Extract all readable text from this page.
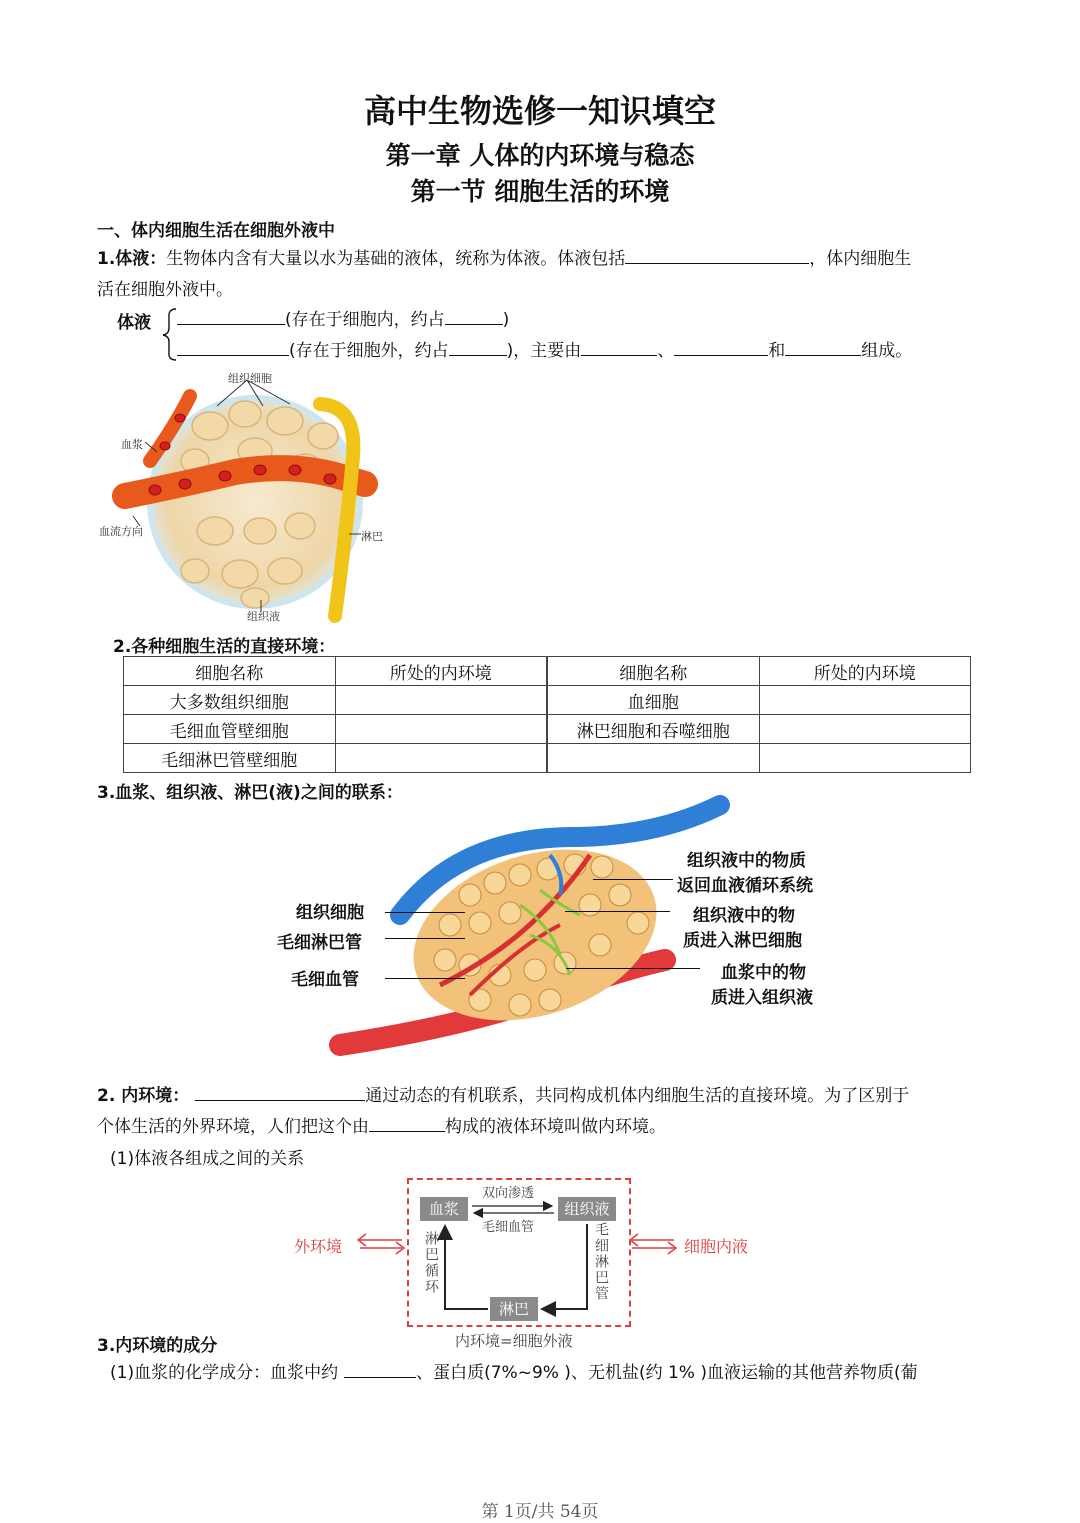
高中生物选修一知识填空
第一章 人体的内环境与稳态
第一节 细胞生活的环境
一、体内细胞生活在细胞外液中
1.体液：生物体内含有大量以水为基础的液体，统称为体液。体液包括	，体内细胞生
活在细胞外液中。
体液	(存在于细胞内，约占	)
(存在于细胞外，约占	)，主要由	、	和	组成。
组织细胞
血浆
血流方向	淋巴
组织液
2.各种细胞生活的直接环境：
细胞名称	所处的内环境	细胞名称	所处的内环境
大多数组织细胞		血细胞	
毛细血管壁细胞		淋巴细胞和吞噬细胞	
毛细淋巴管壁细胞			
3.血浆、组织液、淋巴(液)之间的联系：
组织细胞
毛细淋巴管
毛细血管
组织液中的物质
返回血液循环系统
组织液中的物
质进入淋巴细胞
血浆中的物
质进入组织液
2. 内环境：	通过动态的有机联系，共同构成机体内细胞生活的直接环境。为了区别于
个体生活的外界环境，人们把这个由	构成的液体环境叫做内环境。
(1)体液各组成之间的关系
血浆	组织液
淋巴
双向渗透
毛细血管
淋巴循环	毛细淋巴管
外环境	细胞内液
内环境=细胞外液
3.内环境的成分
(1)血浆的化学成分：血浆中约	、蛋白质(7%~9% )、无机盐(约 1% )血液运输的其他营养物质(葡
第 1页/共 54页
